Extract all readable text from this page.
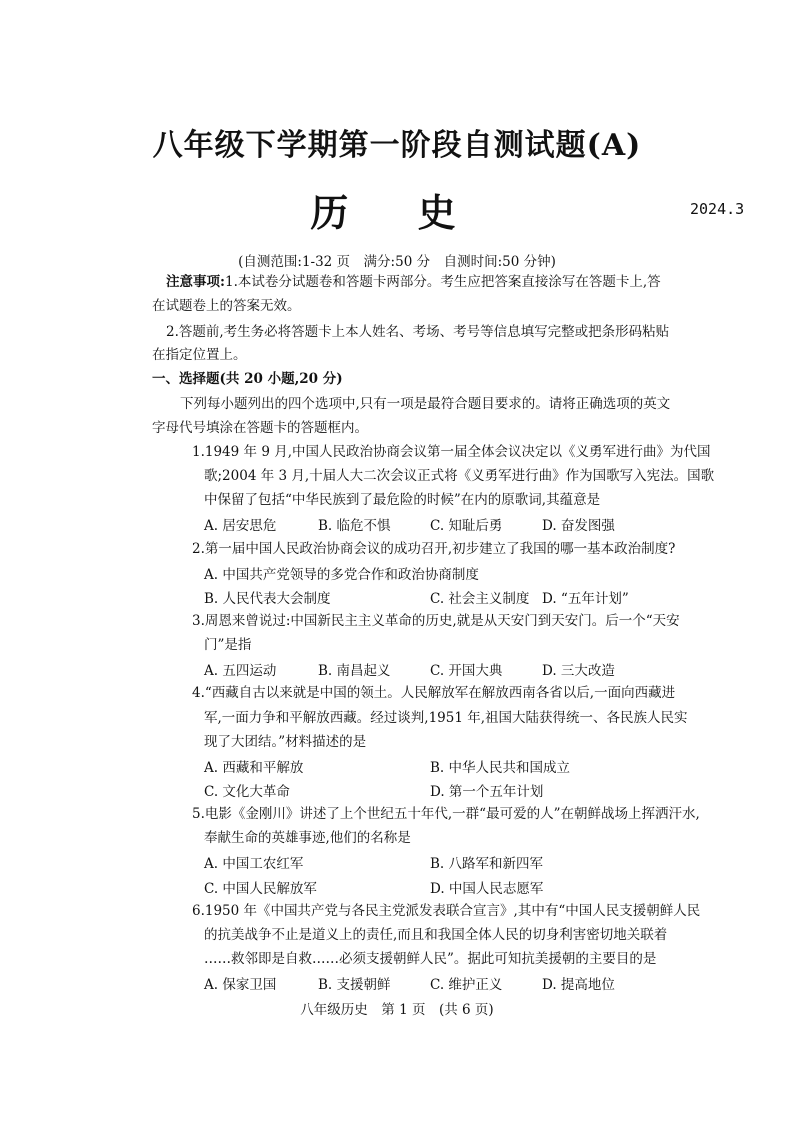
八年级下学期第一阶段自测试题(A)
历 史	2024.3
(自测范围:1-32 页　满分:50 分　自测时间:50 分钟)
注意事项:1.本试卷分试题卷和答题卡两部分。考生应把答案直接涂写在答题卡上,答
在试题卷上的答案无效。
2.答题前,考生务必将答题卡上本人姓名、考场、考号等信息填写完整或把条形码粘贴
在指定位置上。
一、选择题(共 20 小题,20 分)
下列每小题列出的四个选项中,只有一项是最符合题目要求的。请将正确选项的英文
字母代号填涂在答题卡的答题框内。
1.1949 年 9 月,中国人民政治协商会议第一届全体会议决定以《义勇军进行曲》为代国
歌;2004 年 3 月,十届人大二次会议正式将《义勇军进行曲》作为国歌写入宪法。国歌
中保留了包括“中华民族到了最危险的时候”在内的原歌词,其蕴意是
A. 居安思危	B. 临危不惧	C. 知耻后勇	D. 奋发图强
2.第一届中国人民政治协商会议的成功召开,初步建立了我国的哪一基本政治制度?
A. 中国共产党领导的多党合作和政治协商制度
B. 人民代表大会制度	C. 社会主义制度 D. “五年计划”
3.周恩来曾说过:中国新民主主义革命的历史,就是从天安门到天安门。后一个“天安
门”是指
A. 五四运动	B. 南昌起义	C. 开国大典	D. 三大改造
4.“西藏自古以来就是中国的领土。人民解放军在解放西南各省以后,一面向西藏进
军,一面力争和平解放西藏。经过谈判,1951 年,祖国大陆获得统一、各民族人民实
现了大团结。”材料描述的是
A. 西藏和平解放	B. 中华人民共和国成立
C. 文化大革命	D. 第一个五年计划
5.电影《金刚川》讲述了上个世纪五十年代,一群“最可爱的人”在朝鲜战场上挥洒汗水,
奉献生命的英雄事迹,他们的名称是
A. 中国工农红军	B. 八路军和新四军
C. 中国人民解放军	D. 中国人民志愿军
6.1950 年《中国共产党与各民主党派发表联合宣言》,其中有“中国人民支援朝鲜人民
的抗美战争不止是道义上的责任,而且和我国全体人民的切身利害密切地关联着
……救邻即是自救……必须支援朝鲜人民”。据此可知抗美援朝的主要目的是
A. 保家卫国	B. 支援朝鲜	C. 维护正义	D. 提高地位
八年级历史　第 1 页　(共 6 页)
